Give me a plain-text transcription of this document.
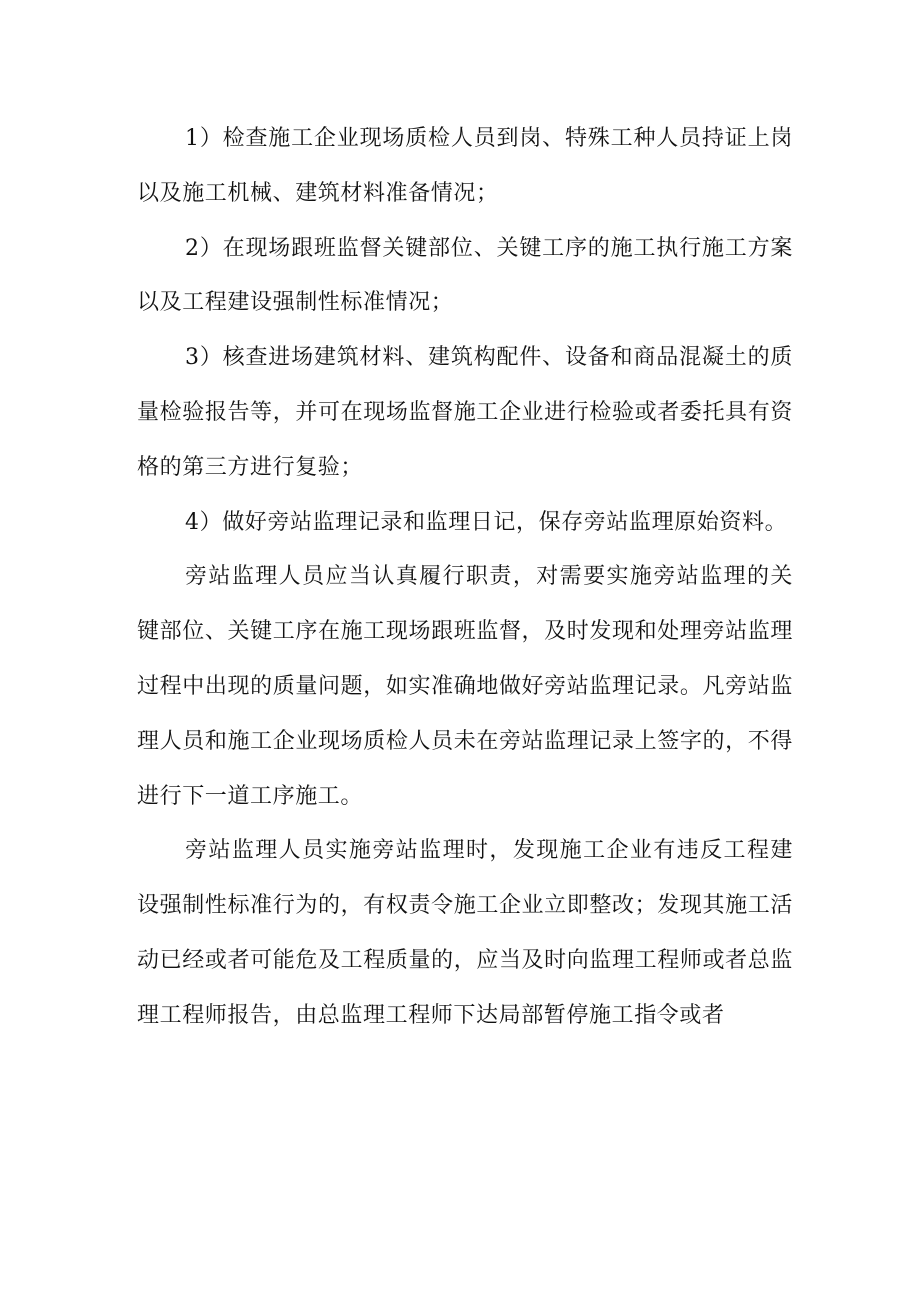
1）检查施工企业现场质检人员到岗、特殊工种人员持证上岗以及施工机械、建筑材料准备情况；

2）在现场跟班监督关键部位、关键工序的施工执行施工方案以及工程建设强制性标准情况；

3）核查进场建筑材料、建筑构配件、设备和商品混凝土的质量检验报告等，并可在现场监督施工企业进行检验或者委托具有资格的第三方进行复验；

4）做好旁站监理记录和监理日记，保存旁站监理原始资料。

旁站监理人员应当认真履行职责，对需要实施旁站监理的关键部位、关键工序在施工现场跟班监督，及时发现和处理旁站监理过程中出现的质量问题，如实准确地做好旁站监理记录。凡旁站监理人员和施工企业现场质检人员未在旁站监理记录上签字的，不得进行下一道工序施工。

旁站监理人员实施旁站监理时，发现施工企业有违反工程建设强制性标准行为的，有权责令施工企业立即整改；发现其施工活动已经或者可能危及工程质量的，应当及时向监理工程师或者总监理工程师报告，由总监理工程师下达局部暂停施工指令或者
